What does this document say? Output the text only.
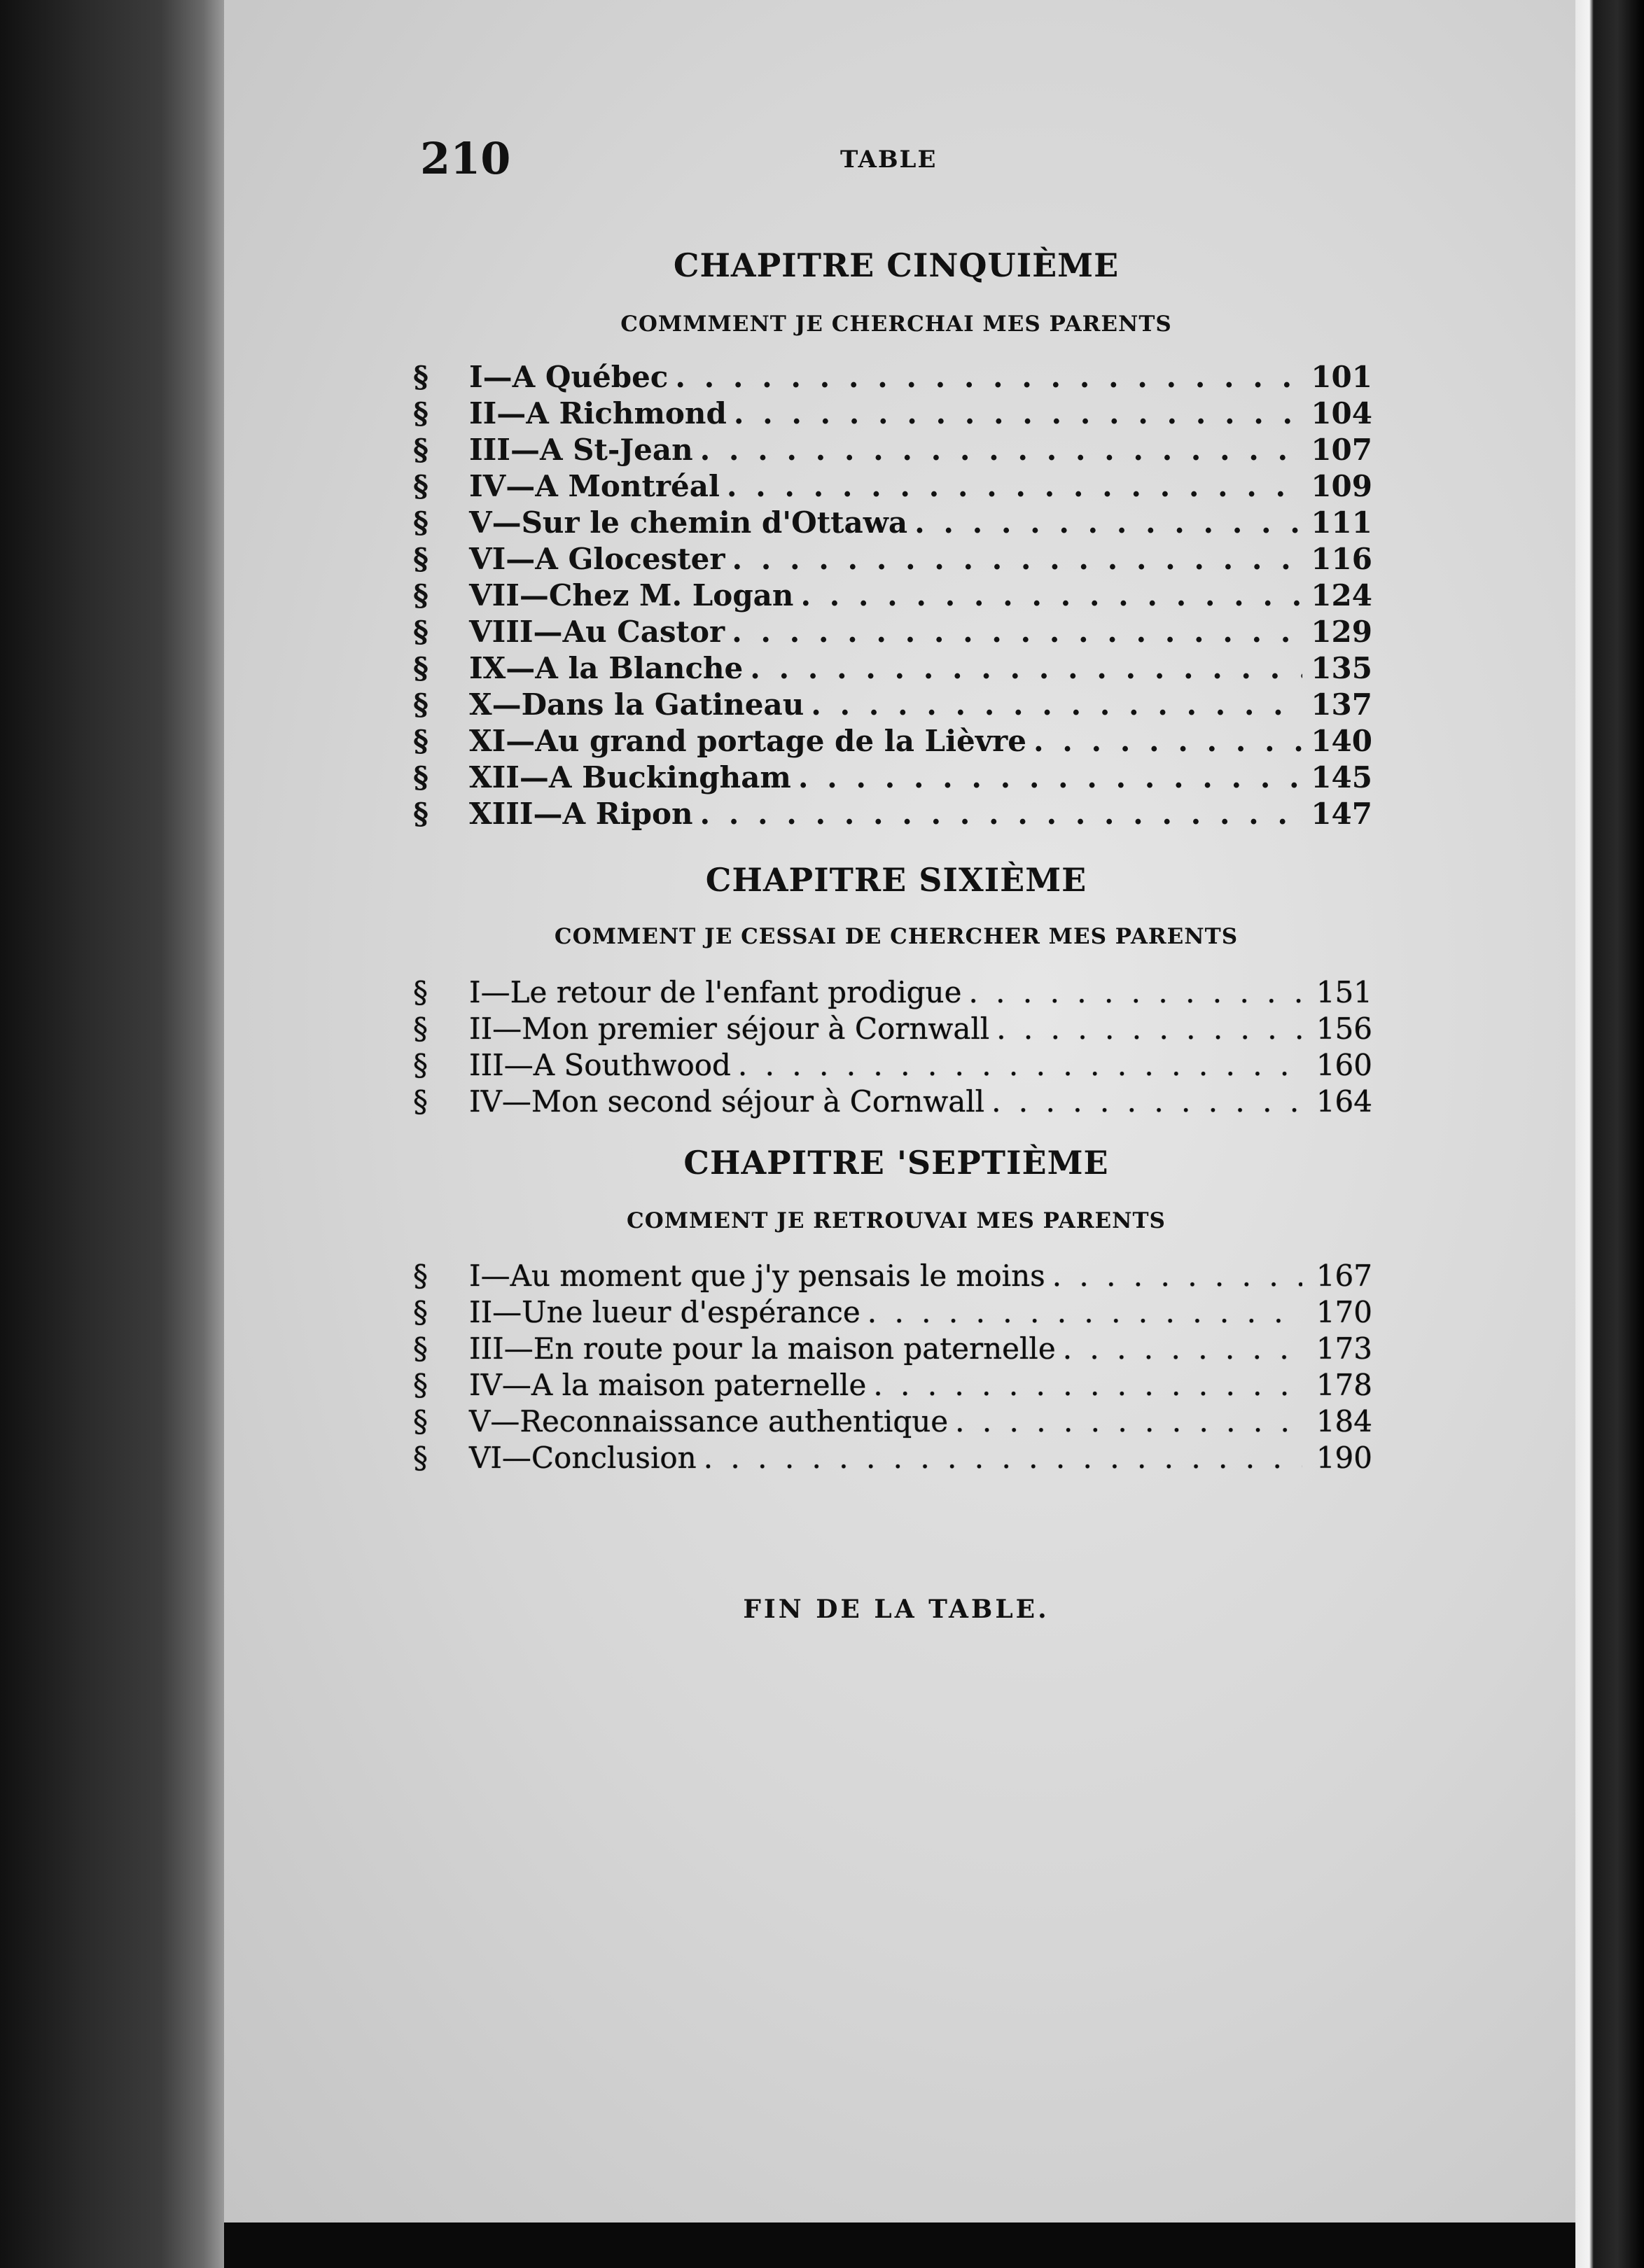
210	TABLE
CHAPITRE CINQUIÈME
COMMMENT JE CHERCHAI MES PARENTS
§	I—A Québec . . .	101
§	II—A Richmond . . .	104
§	III—A St-Jean . . .	107
§	IV—A Montréal . . .	109
§	V—Sur le chemin d'Ottawa . . .	111
§	VI—A Glocester . . .	116
§	VII—Chez M. Logan . . .	124
§	VIII—Au Castor . . .	129
§	IX—A la Blanche . . .	135
§	X—Dans la Gatineau . . .	137
§	XI—Au grand portage de la Lièvre . . .	140
§	XII—A Buckingham . . .	145
§	XIII—A Ripon . . .	147
CHAPITRE SIXIÈME
COMMENT JE CESSAI DE CHERCHER MES PARENTS
§	I—Le retour de l'enfant prodigue . . .	151
§	II—Mon premier séjour à Cornwall . . .	156
§	III—A Southwood . . .	160
§	IV—Mon second séjour à Cornwall . . .	164
CHAPITRE 'SEPTIÈME
COMMENT JE RETROUVAI MES PARENTS
§	I—Au moment que j'y pensais le moins . . .	167
§	II—Une lueur d'espérance . . .	170
§	III—En route pour la maison paternelle . . .	173
§	IV—A la maison paternelle . . .	178
§	V—Reconnaissance authentique . . .	184
§	VI—Conclusion . . .	190
FIN DE LA TABLE.
